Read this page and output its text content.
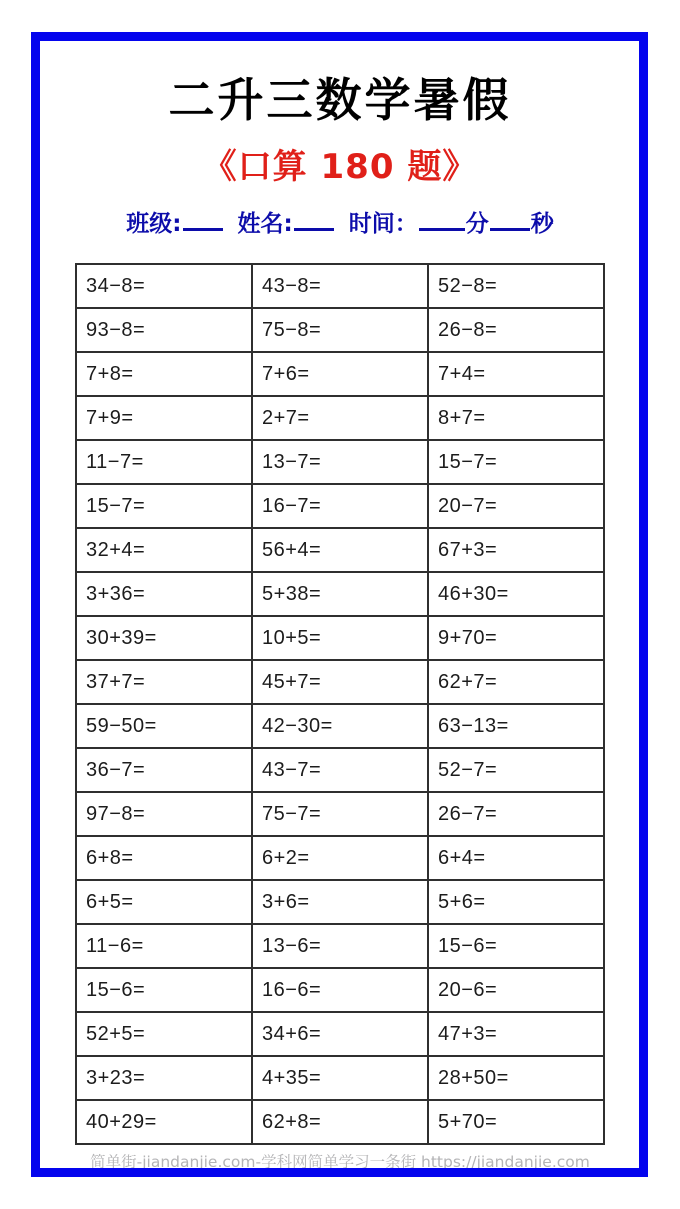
二升三数学暑假
《口算 180 题》
班级: 姓名: 时间： 分 秒
34−8=	43−8=	52−8=
93−8=	75−8=	26−8=
7+8=	7+6=	7+4=
7+9=	2+7=	8+7=
11−7=	13−7=	15−7=
15−7=	16−7=	20−7=
32+4=	56+4=	67+3=
3+36=	5+38=	46+30=
30+39=	10+5=	9+70=
37+7=	45+7=	62+7=
59−50=	42−30=	63−13=
36−7=	43−7=	52−7=
97−8=	75−7=	26−7=
6+8=	6+2=	6+4=
6+5=	3+6=	5+6=
11−6=	13−6=	15−6=
15−6=	16−6=	20−6=
52+5=	34+6=	47+3=
3+23=	4+35=	28+50=
40+29=	62+8=	5+70=
简单街-jiandanjie.com-学科网简单学习一条街 https://jiandanjie.com
